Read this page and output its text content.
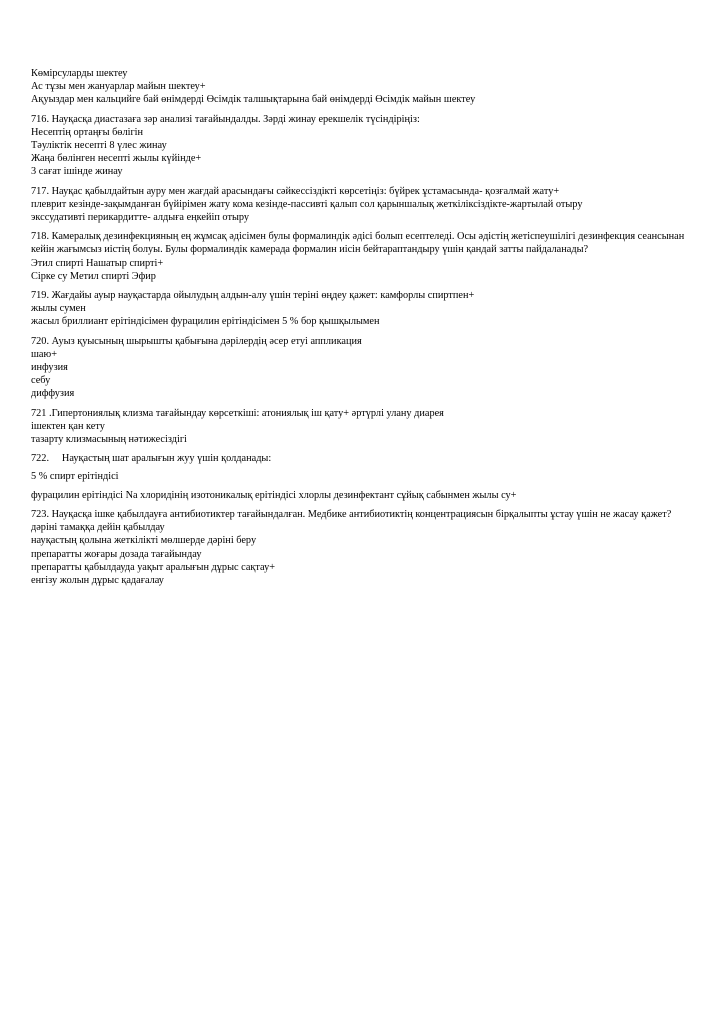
Көмірсуларды шектеу
Ас тұзы мен жануарлар майын шектеу+
Ақуыздар мен кальцийге бай өнімдерді Өсімдік талшықтарына бай өнімдерді Өсімдік майын шектеу
716. Науқасқа диастазаға зәр анализі тағайындалды. Зәрді жинау ерекшелік түсіндіріңіз:
Несептің ортаңғы бөлігін
Тәуліктік несепті 8 үлес жинау
Жаңа бөлінген несепті жылы күйінде+
3 сағат ішінде жинау
717. Науқас қабылдайтын ауру мен жағдай арасындағы сәйкессіздікті көрсетіңіз: бүйрек ұстамасында- қозғалмай жату+
плеврит кезінде-зақымданған бүйірімен жату кома кезінде-пассивті қалып сол қарыншалық жеткіліксіздікте-жартылай отыру
экссудативті перикардитте- алдыға еңкейіп отыру
718. Камералық дезинфекцияның ең жұмсақ әдісімен булы формалиндік әдісі болып есептеледі. Осы әдістің жетіспеушілігі дезинфекция сеансынан кейін жағымсыз иістің болуы. Булы формалиндік камерада формалин иісін бейтараптандыру үшін қандай затты пайдаланады?
Этил спирті Нашатыр спирті+
Сірке су Метил спирті Эфир
719. Жағдайы ауыр науқастарда ойылудың алдын-алу үшін терінi өңдеу қажет: камфорлы спиртпен+
жылы сумен
жасыл бриллиант ерітіндісімен фурацилин ерітіндісімен 5 % бор қышқылымен
720. Ауыз қуысының шырышты қабығына дәрілердің әсер етуі аппликация
шаю+
инфузия
себу
диффузия
721 .Гипертониялық клизма тағайындау көрсеткіші: атониялық іш қату+ әртүрлі улану диарея
ішектен қан кету
тазарту клизмасының нәтижесіздігі
722.     Науқастың шат аралығын жуу үшін қолданады:
5 % спирт ерітіндісі
фурацилин ерітіндісі Na хлоридінің изотоникалық ерітіндісі хлорлы дезинфектант сұйық сабынмен жылы су+
723. Науқасқа ішке қабылдауға антибиотиктер тағайындалған. Медбике антибиотиктің концентрациясын бірқалыпты ұстау үшін не жасау қажет?
дәріні тамаққа дейін қабылдау
науқастың қолына жеткілікті мөлшерде дәріні беру
препаратты жоғары дозада тағайындау
препаратты қабылдауда уақыт аралығын дұрыс сақтау+
енгізу жолын дұрыс қадағалау
